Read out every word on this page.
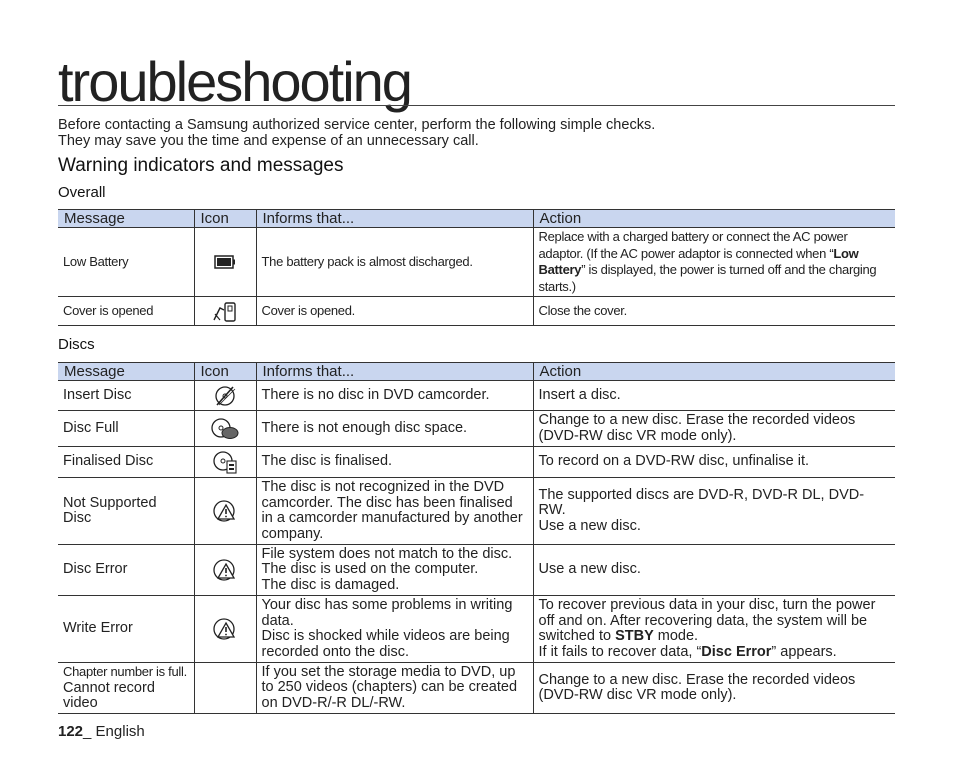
troubleshooting

Before contacting a Samsung authorized service center, perform the following simple checks.
They may save you the time and expense of an unnecessary call.

Warning indicators and messages
Overall
Message	Icon	Informs that...	Action
Low Battery		The battery pack is almost discharged.	Replace with a charged battery or connect the AC power adaptor. (If the AC power adaptor is connected when “Low Battery” is displayed, the power is turned off and the charging starts.)
Cover is opened		Cover is opened.	Close the cover.
Discs
Message	Icon	Informs that...	Action
Insert Disc		There is no disc in DVD camcorder.	Insert a disc.
Disc Full		There is not enough disc space.	Change to a new disc. Erase the recorded videos (DVD-RW disc VR mode only).
Finalised Disc		The disc is finalised.	To record on a DVD-RW disc, unfinalise it.
Not Supported Disc		The disc is not recognized in the DVD camcorder. The disc has been finalised in a camcorder manufactured by another company.	The supported discs are DVD-R, DVD-R DL, DVD-RW.
Use a new disc.
Disc Error		File system does not match to the disc.
The disc is used on the computer.
The disc is damaged.	Use a new disc.
Write Error		Your disc has some problems in writing data.
Disc is shocked while videos are being recorded onto the disc.	To recover previous data in your disc, turn the power off and on. After recovering data, the system will be switched to STBY mode.
If it fails to recover data, “Disc Error” appears.
Chapter number is full.
Cannot record video		If you set the storage media to DVD, up to 250 videos (chapters) can be created on DVD-R/-R DL/-RW.	Change to a new disc. Erase the recorded videos (DVD-RW disc VR mode only).

122_ English
